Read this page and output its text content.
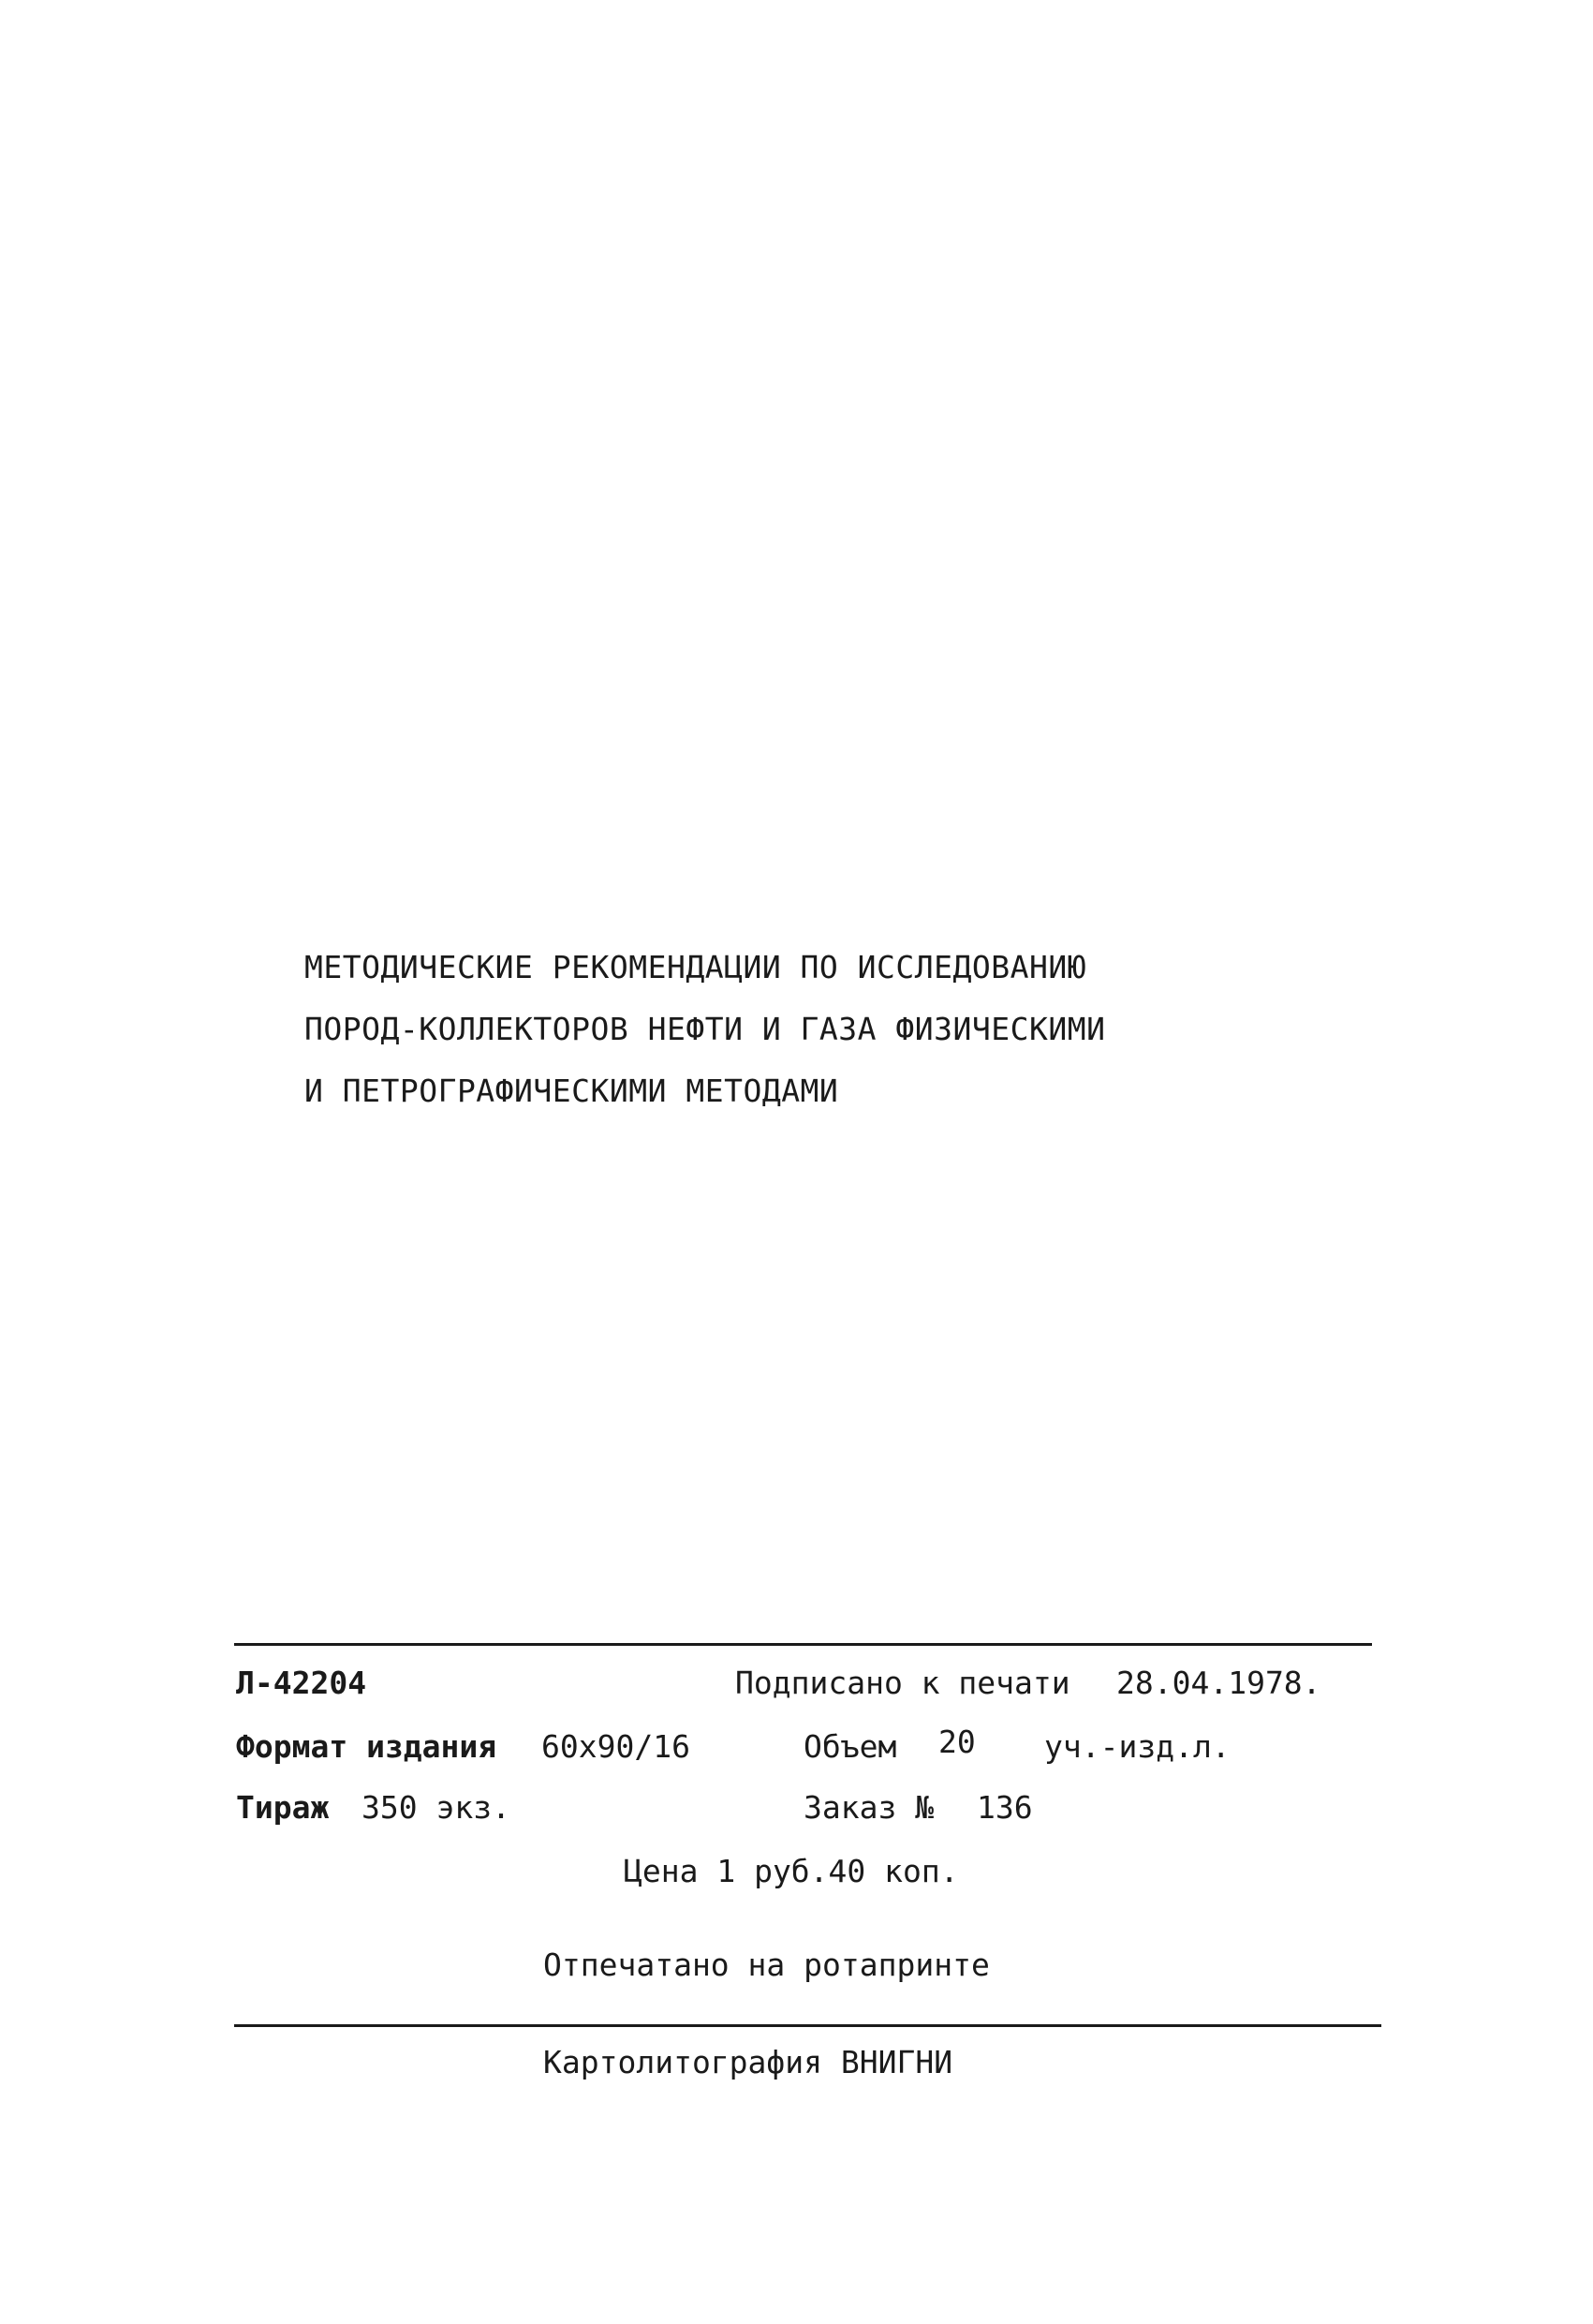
МЕТОДИЧЕСКИЕ РЕКОМЕНДАЦИИ ПО ИССЛЕДОВАНИЮ
ПОРОД-КОЛЛЕКТОРОВ НЕФТИ И ГАЗА ФИЗИЧЕСКИМИ
И ПЕТРОГРАФИЧЕСКИМИ МЕТОДАМИ
Л-42204	Подписано к печати 28.04.1978.
Формат издания 60x90/16	Объем 20 уч.-изд.л.
Тираж 350 экз.	Заказ № 136
Цена 1 руб.40 коп.
Отпечатано на ротапринте
Картолитография ВНИГНИ
